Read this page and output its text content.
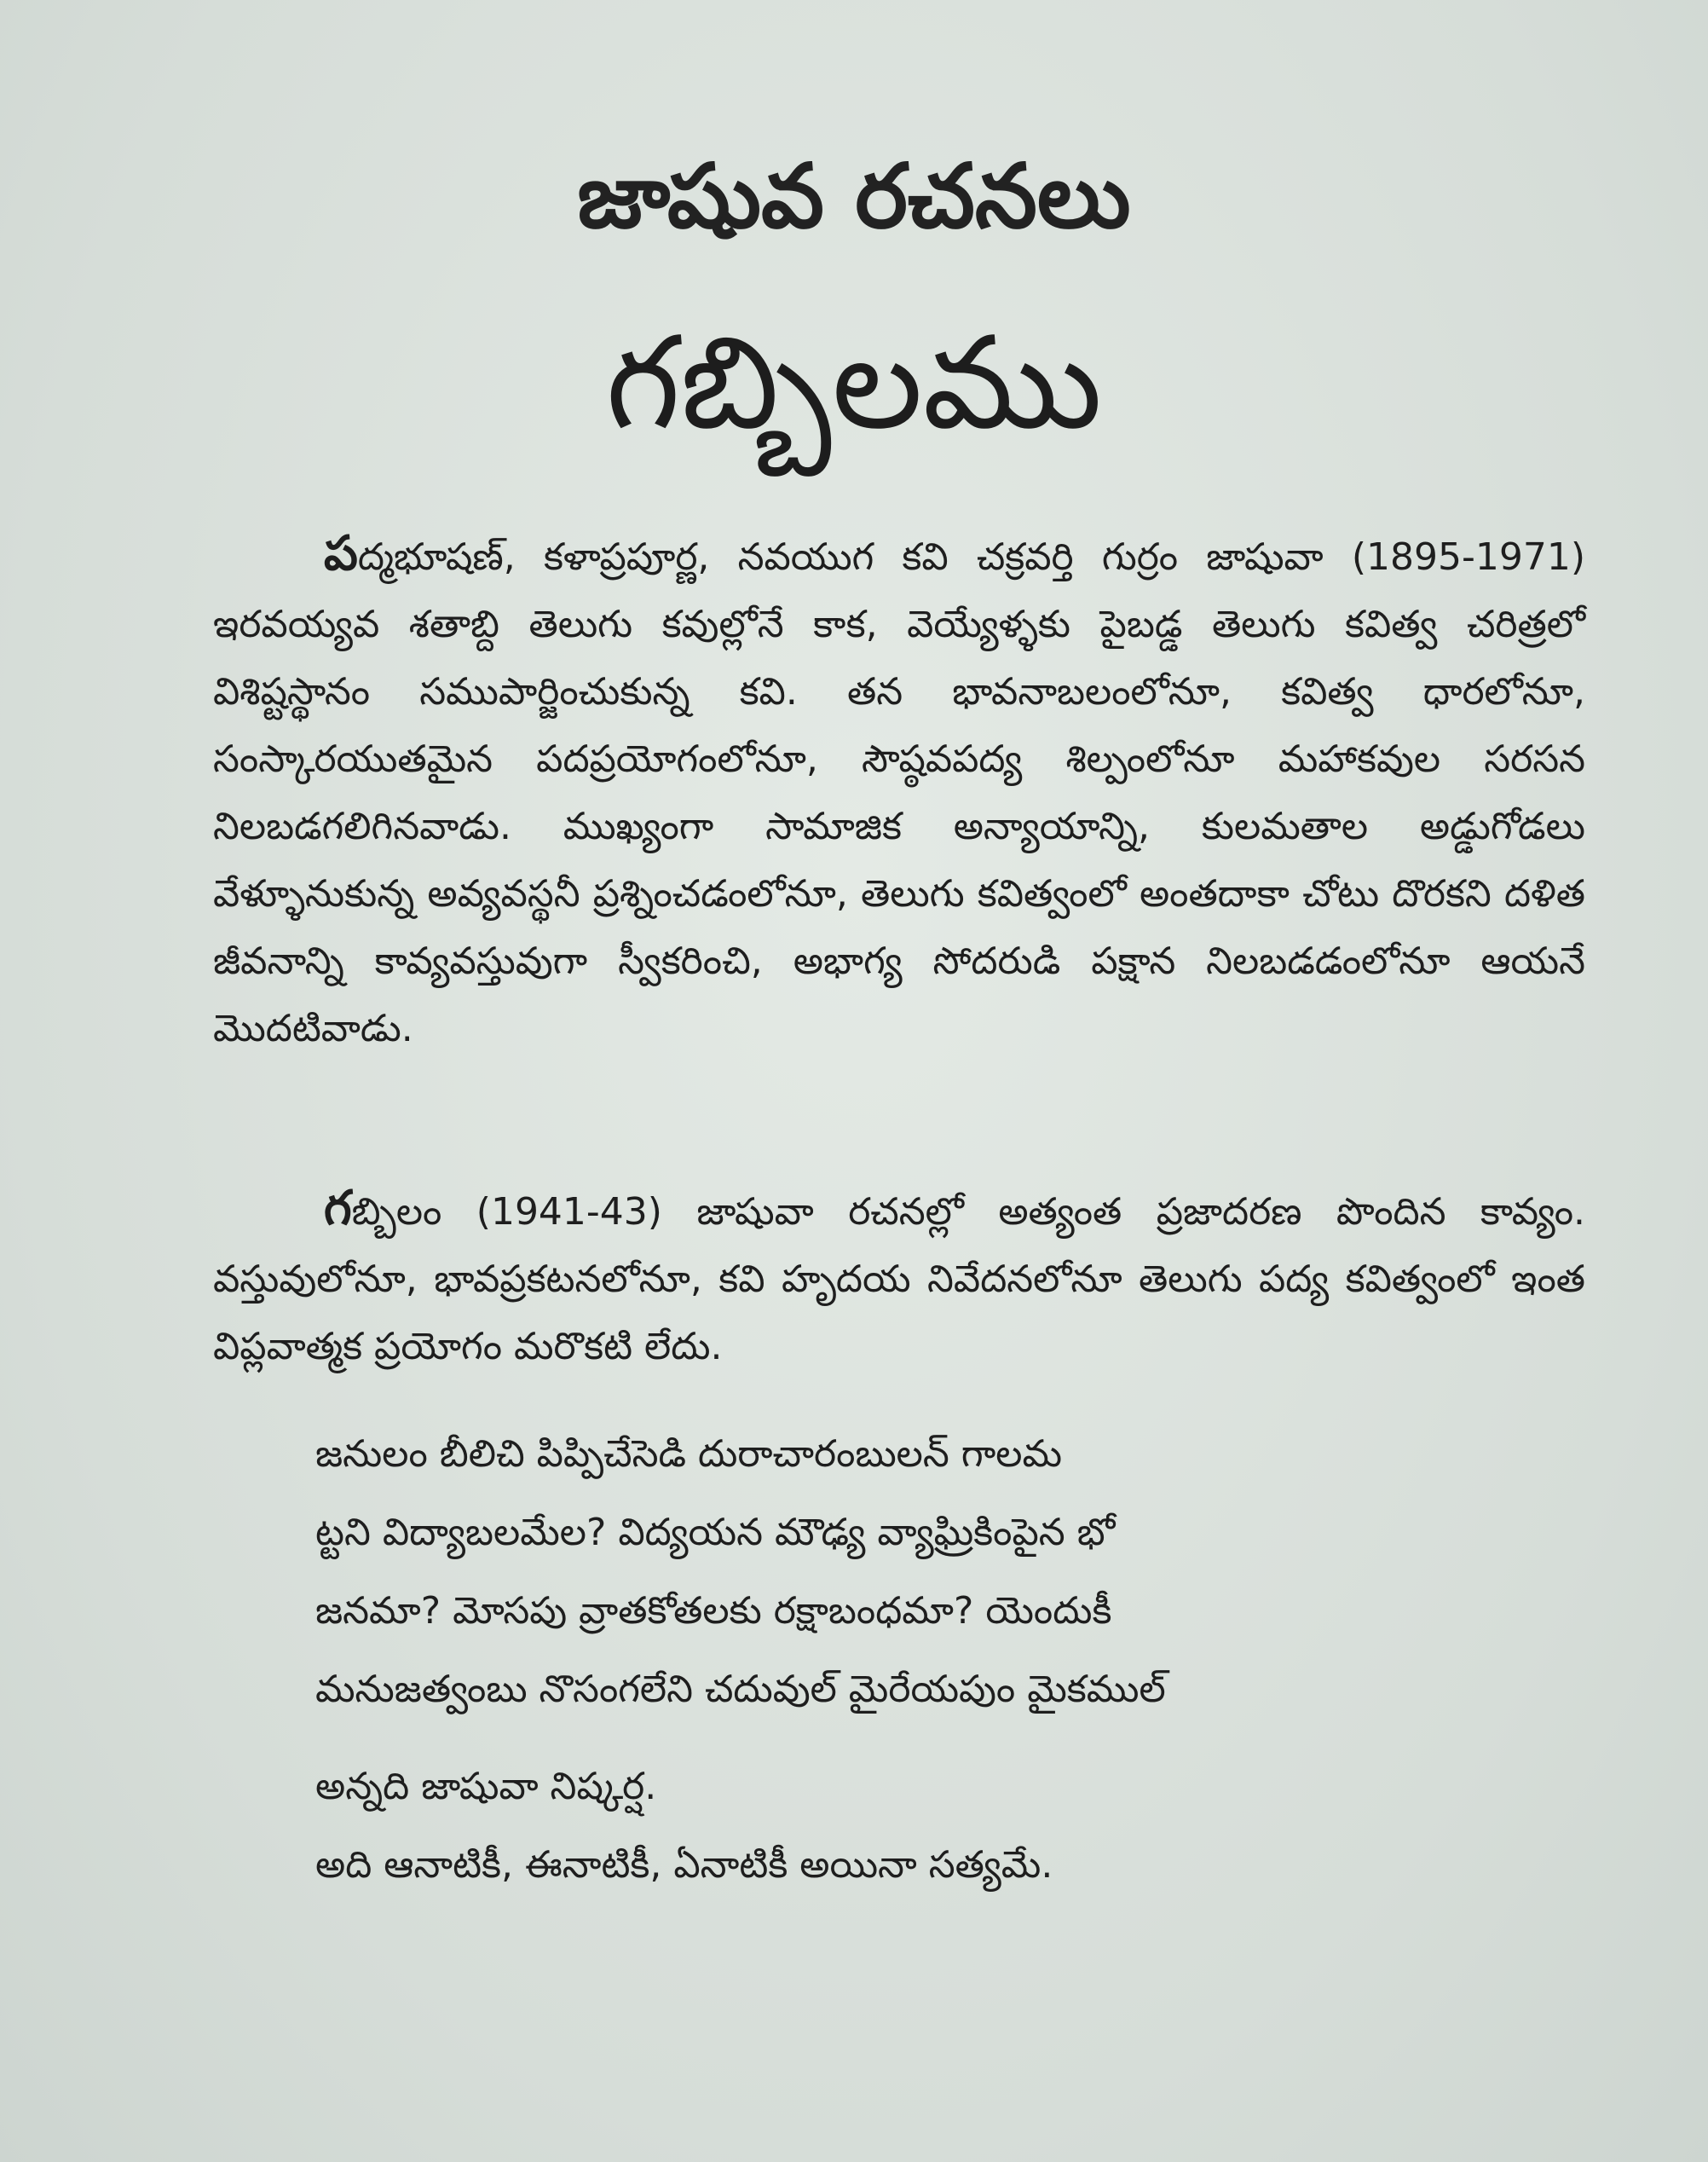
జాషువ రచనలు
గబ్బిలము

పద్మభూషణ్, కళాప్రపూర్ణ, నవయుగ కవి చక్రవర్తి గుర్రం జాషువా (1895-1971) ఇరవయ్యవ శతాబ్ది తెలుగు కవుల్లోనే కాక, వెయ్యేళ్ళకు పైబడ్డ తెలుగు కవిత్వ చరిత్రలో విశిష్టస్థానం సముపార్జించుకున్న కవి. తన భావనాబలంలోనూ, కవిత్వ ధారలోనూ, సంస్కారయుతమైన పదప్రయోగంలోనూ, సౌష్ఠవపద్య శిల్పంలోనూ మహాకవుల సరసన నిలబడగలిగినవాడు. ముఖ్యంగా సామాజిక అన్యాయాన్ని, కులమతాల అడ్డుగోడలు వేళ్ళూనుకున్న అవ్యవస్థనీ ప్రశ్నించడంలోనూ, తెలుగు కవిత్వంలో అంతదాకా చోటు దొరకని దళిత జీవనాన్ని కావ్యవస్తువుగా స్వీకరించి, అభాగ్య సోదరుడి పక్షాన నిలబడడంలోనూ ఆయనే మొదటివాడు.

గబ్బిలం (1941-43) జాషువా రచనల్లో అత్యంత ప్రజాదరణ పొందిన కావ్యం. వస్తువులోనూ, భావప్రకటనలోనూ, కవి హృదయ నివేదనలోనూ తెలుగు పద్య కవిత్వంలో ఇంత విప్లవాత్మక ప్రయోగం మరొకటి లేదు.

జనులం బీలిచి పిప్పిచేసెడి దురాచారంబులన్ గాలమ
ట్టని విద్యాబలమేల? విద్యయన మౌఢ్య వ్యాఘ్రికింపైన భో
జనమా? మోసపు వ్రాతకోతలకు రక్షాబంధమా? యెందుకీ
మనుజత్వంబు నొసంగలేని చదువుల్ మైరేయపుం మైకముల్

అన్నది జాషువా నిష్కర్ష.

అది ఆనాటికీ, ఈనాటికీ, ఏనాటికీ అయినా సత్యమే.
